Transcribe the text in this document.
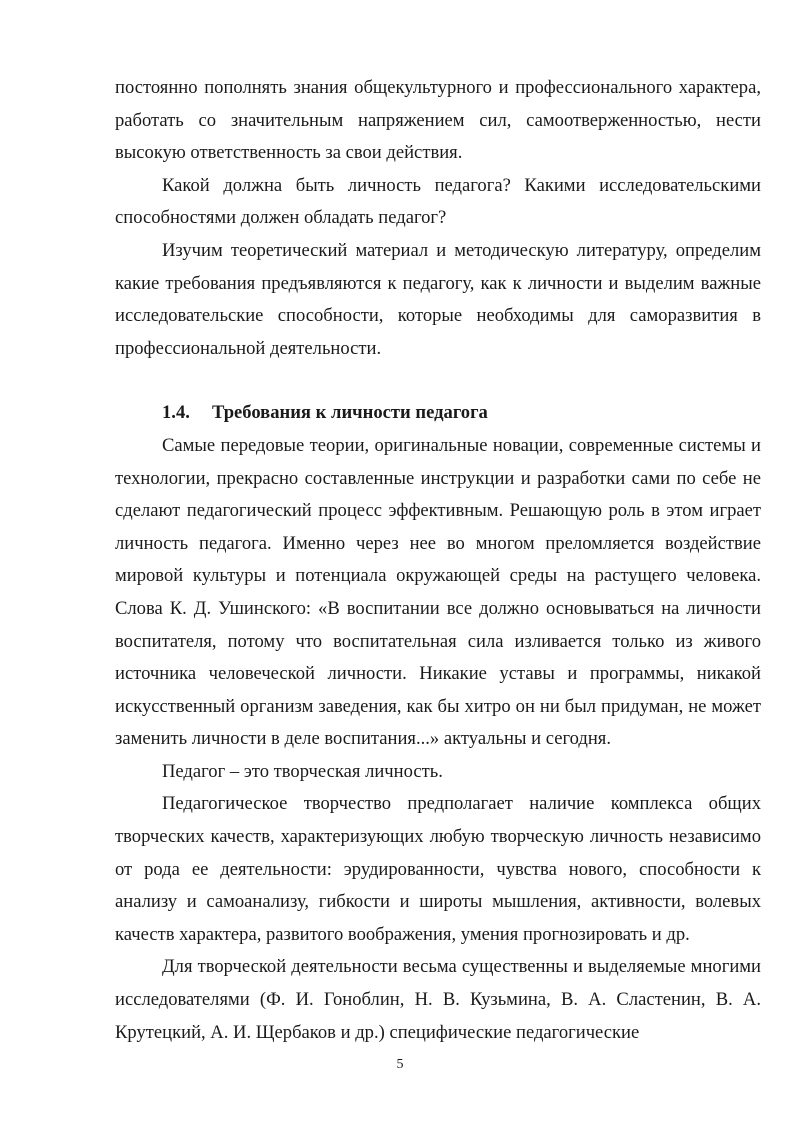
постоянно пополнять знания общекультурного и профессионального характера, работать со значительным напряжением сил, самоотверженностью, нести высокую ответственность за свои действия.

Какой должна быть личность педагога? Какими исследовательскими способностями должен обладать педагог?

Изучим теоретический материал и методическую литературу, определим какие требования предъявляются к педагогу, как к личности и выделим важные исследовательские способности, которые необходимы для саморазвития в профессиональной деятельности.

1.4. Требования к личности педагога

Самые передовые теории, оригинальные новации, современные системы и технологии, прекрасно составленные инструкции и разработки сами по себе не сделают педагогический процесс эффективным. Решающую роль в этом играет личность педагога. Именно через нее во многом преломляется воздействие мировой культуры и потенциала окружающей среды на растущего человека. Слова К. Д. Ушинского: «В воспитании все должно основываться на личности воспитателя, потому что воспитательная сила изливается только из живого источника человеческой личности. Никакие уставы и программы, никакой искусственный организм заведения, как бы хитро он ни был придуман, не может заменить личности в деле воспитания...» актуальны и сегодня.

Педагог – это творческая личность.

Педагогическое творчество предполагает наличие комплекса общих творческих качеств, характеризующих любую творческую личность независимо от рода ее деятельности: эрудированности, чувства нового, способности к анализу и самоанализу, гибкости и широты мышления, активности, волевых качеств характера, развитого воображения, умения прогнозировать и др.

Для творческой деятельности весьма существенны и выделяемые многими исследователями (Ф. И. Гоноблин, Н. В. Кузьмина, В. А. Сластенин, В. А. Крутецкий, А. И. Щербаков и др.) специфические педагогические

5
